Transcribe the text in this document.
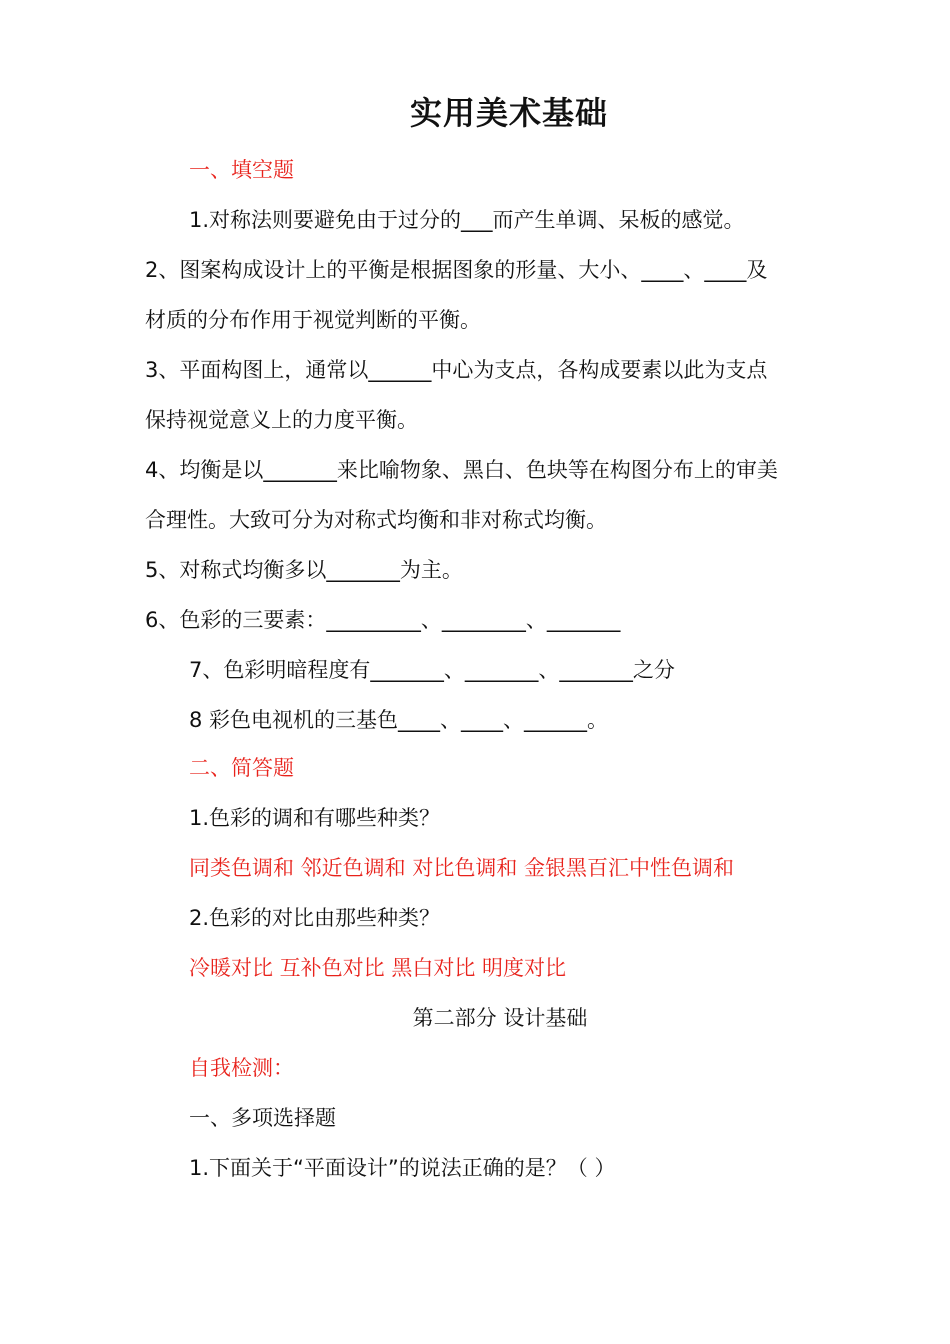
实用美术基础
一、填空题
1.对称法则要避免由于过分的___而产生单调、呆板的感觉。
2、图案构成设计上的平衡是根据图象的形量、大小、____、____及
材质的分布作用于视觉判断的平衡。
3、平面构图上，通常以______中心为支点，各构成要素以此为支点
保持视觉意义上的力度平衡。
4、均衡是以_______来比喻物象、黑白、色块等在构图分布上的审美
合理性。大致可分为对称式均衡和非对称式均衡。
5、对称式均衡多以_______为主。
6、色彩的三要素：_________、________、_______
7、色彩明暗程度有_______、_______、_______之分
8 彩色电视机的三基色____、____、______。
二、简答题
1.色彩的调和有哪些种类？
同类色调和 邻近色调和 对比色调和 金银黑百汇中性色调和
2.色彩的对比由那些种类？
冷暖对比 互补色对比 黑白对比 明度对比
第二部分 设计基础
自我检测：
一、多项选择题
1.下面关于“平面设计”的说法正确的是？（ ）
